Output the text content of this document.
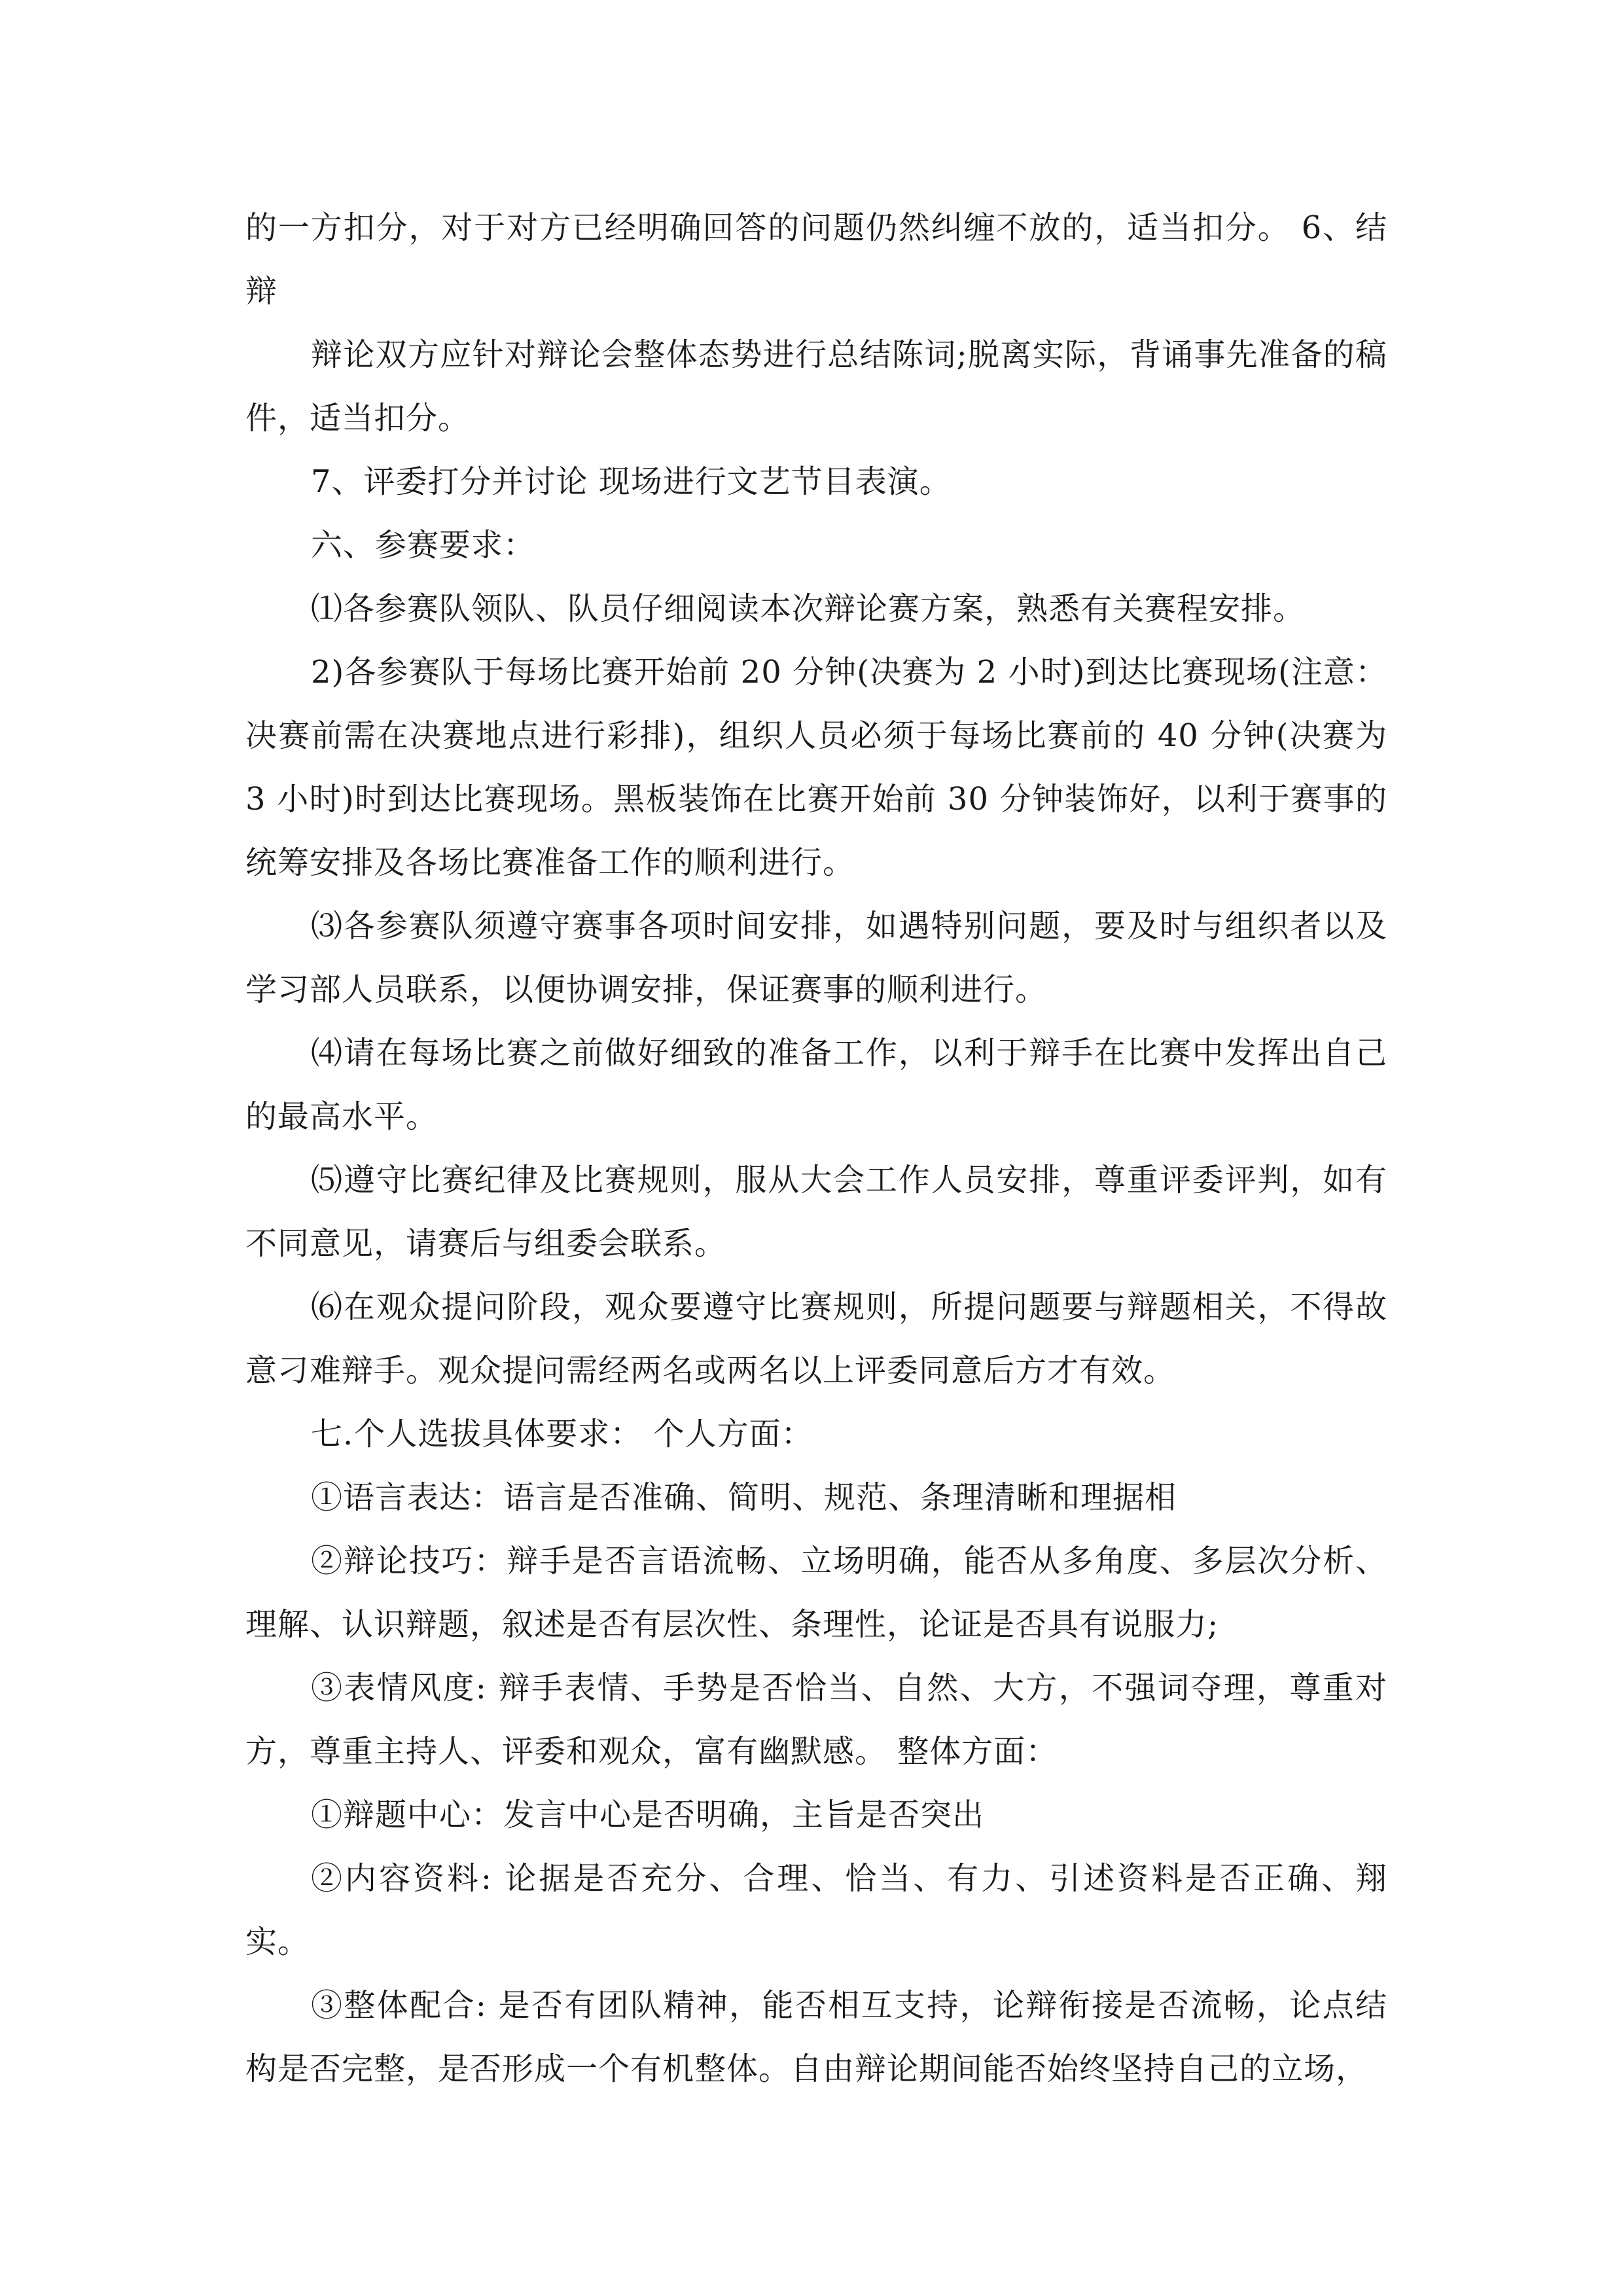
的一方扣分，对于对方已经明确回答的问题仍然纠缠不放的，适当扣分。 6、结辩

辩论双方应针对辩论会整体态势进行总结陈词;脱离实际，背诵事先准备的稿件，适当扣分。

7、评委打分并讨论 现场进行文艺节目表演。

六、参赛要求：

⑴各参赛队领队、队员仔细阅读本次辩论赛方案，熟悉有关赛程安排。

2)各参赛队于每场比赛开始前 20 分钟(决赛为 2 小时)到达比赛现场(注意：决赛前需在决赛地点进行彩排)，组织人员必须于每场比赛前的 40 分钟(决赛为 3 小时)时到达比赛现场。黑板装饰在比赛开始前 30 分钟装饰好，以利于赛事的统筹安排及各场比赛准备工作的顺利进行。

⑶各参赛队须遵守赛事各项时间安排，如遇特别问题，要及时与组织者以及学习部人员联系，以便协调安排，保证赛事的顺利进行。

⑷请在每场比赛之前做好细致的准备工作，以利于辩手在比赛中发挥出自己的最高水平。

⑸遵守比赛纪律及比赛规则，服从大会工作人员安排，尊重评委评判，如有不同意见，请赛后与组委会联系。

⑹在观众提问阶段，观众要遵守比赛规则，所提问题要与辩题相关，不得故意刁难辩手。观众提问需经两名或两名以上评委同意后方才有效。

七.个人选拔具体要求： 个人方面：

①语言表达：语言是否准确、简明、规范、条理清晰和理据相

②辩论技巧：辩手是否言语流畅、立场明确，能否从多角度、多层次分析、理解、认识辩题，叙述是否有层次性、条理性，论证是否具有说服力;

③表情风度: 辩手表情、手势是否恰当、自然、大方，不强词夺理，尊重对方，尊重主持人、评委和观众，富有幽默感。 整体方面：

①辩题中心：发言中心是否明确，主旨是否突出

②内容资料: 论据是否充分、合理、恰当、有力、引述资料是否正确、翔实。

③整体配合: 是否有团队精神，能否相互支持，论辩衔接是否流畅，论点结构是否完整，是否形成一个有机整体。自由辩论期间能否始终坚持自己的立场，
